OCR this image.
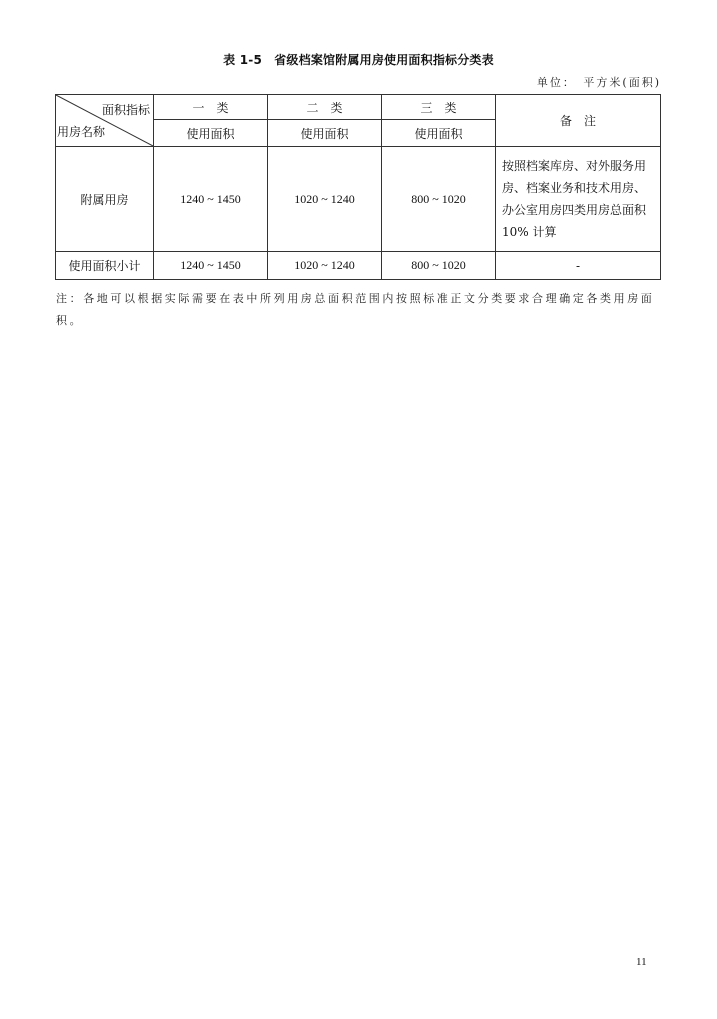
表 1-5　省级档案馆附属用房使用面积指标分类表
单位：　平方米(面积)
面积指标
用房名称	一　类	二　类	三　类	备　注
	使用面积	使用面积	使用面积	
附属用房	1240 ~ 1450	1020 ~ 1240	800 ~ 1020	按照档案库房、对外服务用房、档案业务和技术用房、办公室用房四类用房总面积 10% 计算
使用面积小计	1240 ~ 1450	1020 ~ 1240	800 ~ 1020	-
注：各地可以根据实际需要在表中所列用房总面积范围内按照标准正文分类要求合理确定各类用房面积。
11
